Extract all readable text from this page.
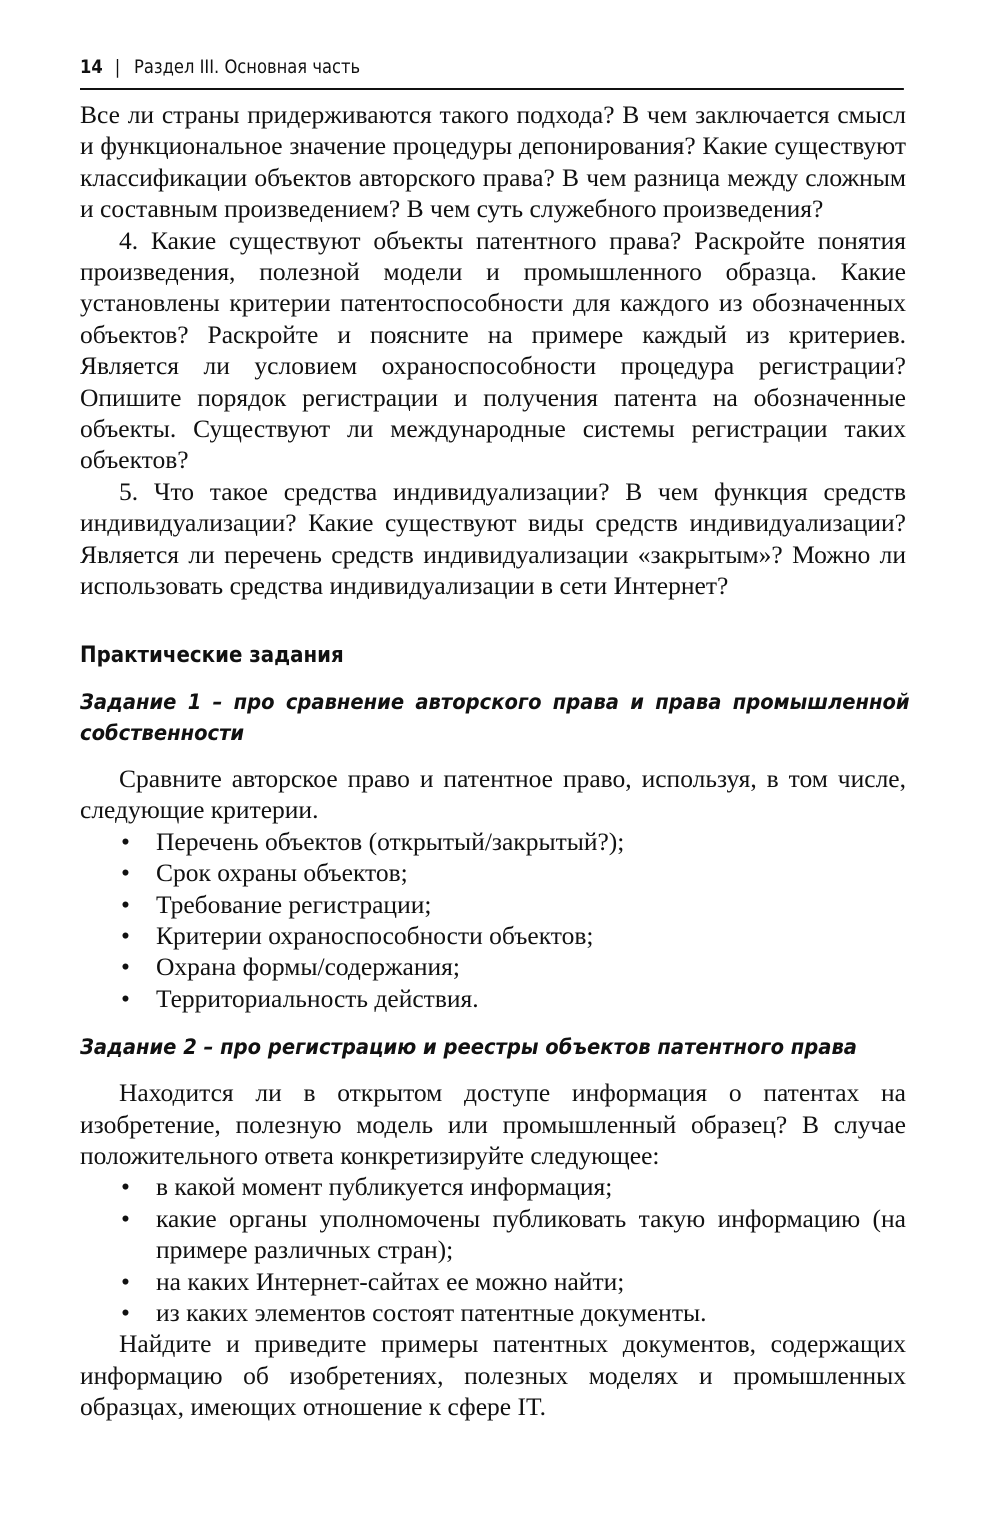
14 | Раздел III. Основная часть

Все ли страны придерживаются такого подхода? В чем заключается смысл и функциональное значение процедуры депонирования? Какие существуют классификации объектов авторского права? В чем разница между сложным и составным произведением? В чем суть служебного произведения?

4. Какие существуют объекты патентного права? Раскройте понятия произведения, полезной модели и промышленного образца. Какие установлены критерии патентоспособности для каждого из обозначенных объектов? Раскройте и поясните на примере каждый из критериев. Является ли условием охраноспособности процедура регистрации? Опишите порядок регистрации и получения патента на обозначенные объекты. Существуют ли международные системы регистрации таких объектов?

5. Что такое средства индивидуализации? В чем функция средств индивидуализации? Какие существуют виды средств индивидуализации? Является ли перечень средств индивидуализации «закрытым»? Можно ли использовать средства индивидуализации в сети Интернет?

Практические задания
Задание 1 – про сравнение авторского права и права промышленной собственности

Сравните авторское право и патентное право, используя, в том числе, следующие критерии.

• Перечень объектов (открытый/закрытый?);
• Срок охраны объектов;
• Требование регистрации;
• Критерии охраноспособности объектов;
• Охрана формы/содержания;
• Территориальность действия.
Задание 2 – про регистрацию и реестры объектов патентного права

Находится ли в открытом доступе информация о патентах на изобретение, полезную модель или промышленный образец? В случае положительного ответа конкретизируйте следующее:

• в какой момент публикуется информация;
• какие органы уполномочены публиковать такую информацию (на примере различных стран);
• на каких Интернет-сайтах ее можно найти;
• из каких элементов состоят патентные документы.

Найдите и приведите примеры патентных документов, содержащих информацию об изобретениях, полезных моделях и промышленных образцах, имеющих отношение к сфере IT.
